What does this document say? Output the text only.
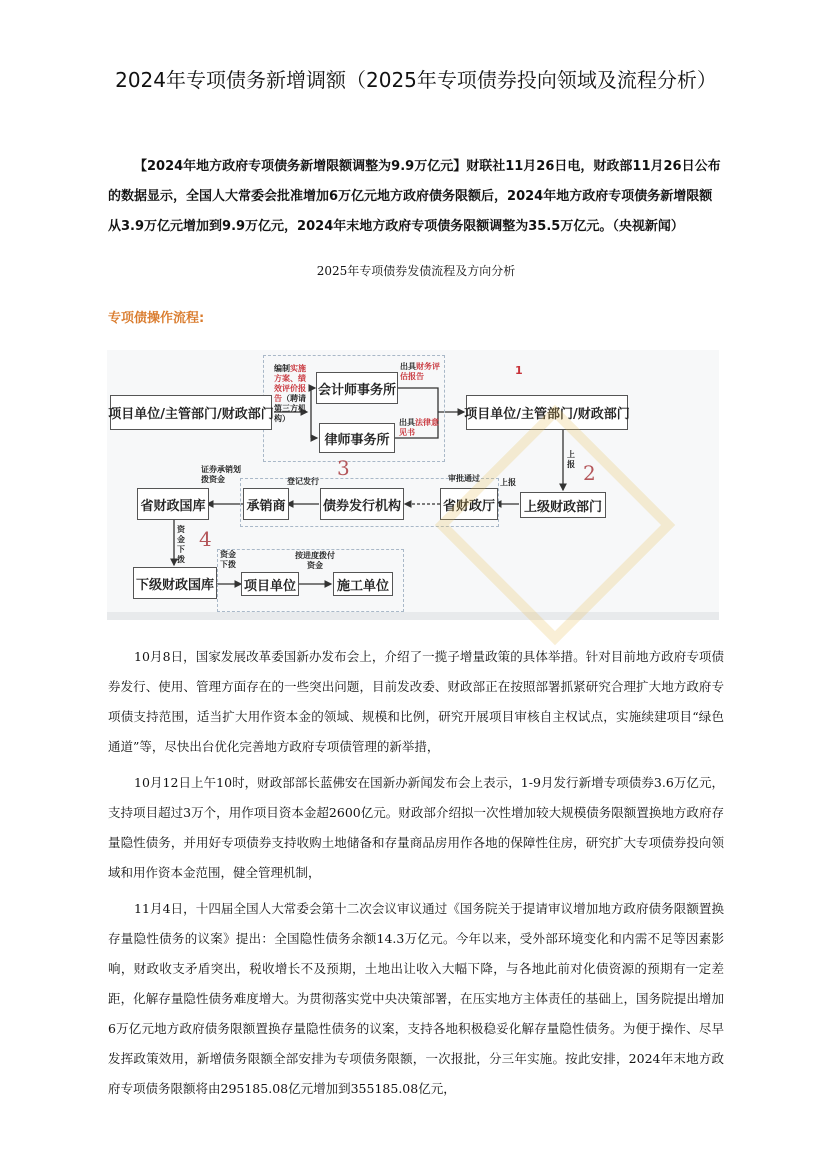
2024年专项债务新增调额（2025年专项债券投向领域及流程分析）
【2024年地方政府专项债务新增限额调整为9.9万亿元】财联社11月26日电，财政部11月26日公布的数据显示，全国人大常委会批准增加6万亿元地方政府债务限额后，2024年地方政府专项债务新增限额从3.9万亿元增加到9.9万亿元，2024年末地方政府专项债务限额调整为35.5万亿元。（央视新闻）
2025年专项债券发债流程及方向分析
专项债操作流程:
项目单位/主管部门/财政部门
会计师事务所
律师事务所
项目单位/主管部门/财政部门
上级财政部门
省财政厅
债券发行机构
承销商
省财政国库
下级财政国库 项目单位	施工单位
编制实施方案、绩效评价报告（聘请第三方机构）
出具财务评估报告
出具法律意见书
上报
上报
审批通过
登记发行
证券承销划拨资金
资金下拨
资金下拨
按进度拨付资金
1
2
3
4

10月8日，国家发展改革委国新办发布会上，介绍了一揽子增量政策的具体举措。针对目前地方政府专项债券发行、使用、管理方面存在的一些突出问题，目前发改委、财政部正在按照部署抓紧研究合理扩大地方政府专项债支持范围，适当扩大用作资本金的领域、规模和比例，研究开展项目审核自主权试点，实施续建项目“绿色通道”等，尽快出台优化完善地方政府专项债管理的新举措，

10月12日上午10时，财政部部长蓝佛安在国新办新闻发布会上表示，1-9月发行新增专项债券3.6万亿元，支持项目超过3万个，用作项目资本金超2600亿元。财政部介绍拟一次性增加较大规模债务限额置换地方政府存量隐性债务，并用好专项债券支持收购土地储备和存量商品房用作各地的保障性住房，研究扩大专项债券投向领域和用作资本金范围，健全管理机制，

11月4日，十四届全国人大常委会第十二次会议审议通过《国务院关于提请审议增加地方政府债务限额置换存量隐性债务的议案》提出：全国隐性债务余额14.3万亿元。今年以来，受外部环境变化和内需不足等因素影响，财政收支矛盾突出，税收增长不及预期，土地出让收入大幅下降，与各地此前对化债资源的预期有一定差距，化解存量隐性债务难度增大。为贯彻落实党中央决策部署，在压实地方主体责任的基础上，国务院提出增加6万亿元地方政府债务限额置换存量隐性债务的议案，支持各地积极稳妥化解存量隐性债务。为便于操作、尽早发挥政策效用，新增债务限额全部安排为专项债务限额，一次报批，分三年实施。按此安排，2024年末地方政府专项债务限额将由295185.08亿元增加到355185.08亿元，
